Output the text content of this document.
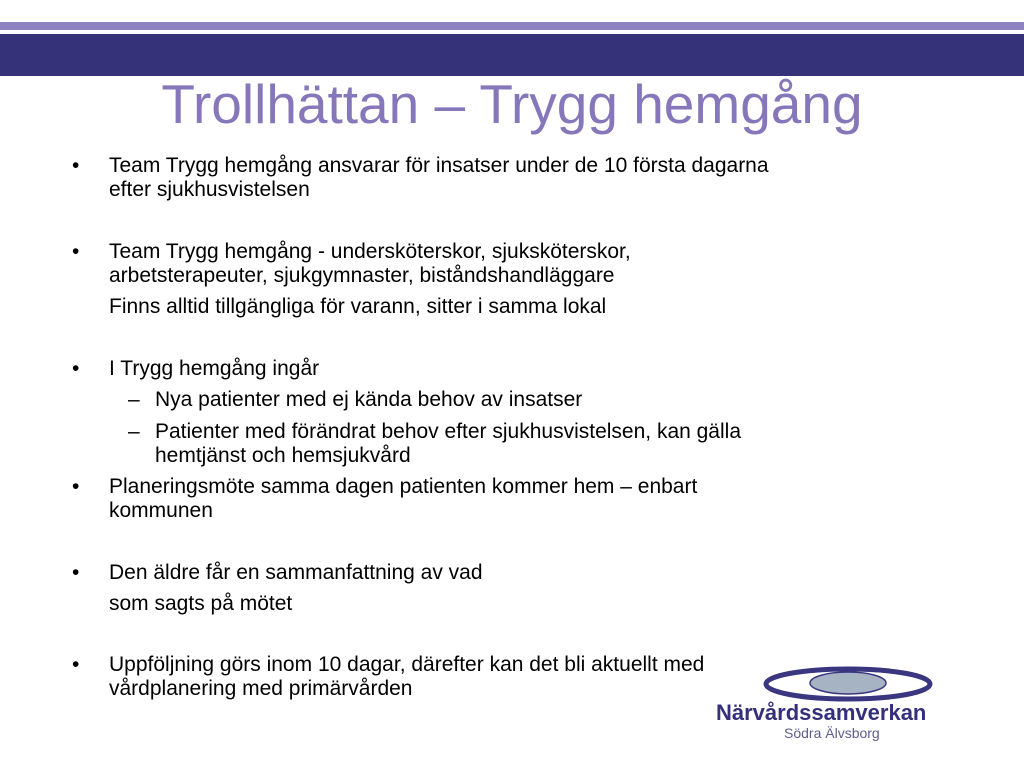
Trollhättan – Trygg hemgång
• Team Trygg hemgång ansvarar för insatser under de 10 första dagarna
efter sjukhusvistelsen
• Team Trygg hemgång - undersköterskor, sjuksköterskor,
arbetsterapeuter, sjukgymnaster, biståndshandläggare
Finns alltid tillgängliga för varann, sitter i samma lokal
• I Trygg hemgång ingår
– Nya patienter med ej kända behov av insatser
– Patienter med förändrat behov efter sjukhusvistelsen, kan gälla
hemtjänst och hemsjukvård
• Planeringsmöte samma dagen patienten kommer hem – enbart
kommunen
• Den äldre får en sammanfattning av vad
som sagts på mötet
• Uppföljning görs inom 10 dagar, därefter kan det bli aktuellt med
vårdplanering med primärvården
Närvårdssamverkan
Södra Älvsborg
